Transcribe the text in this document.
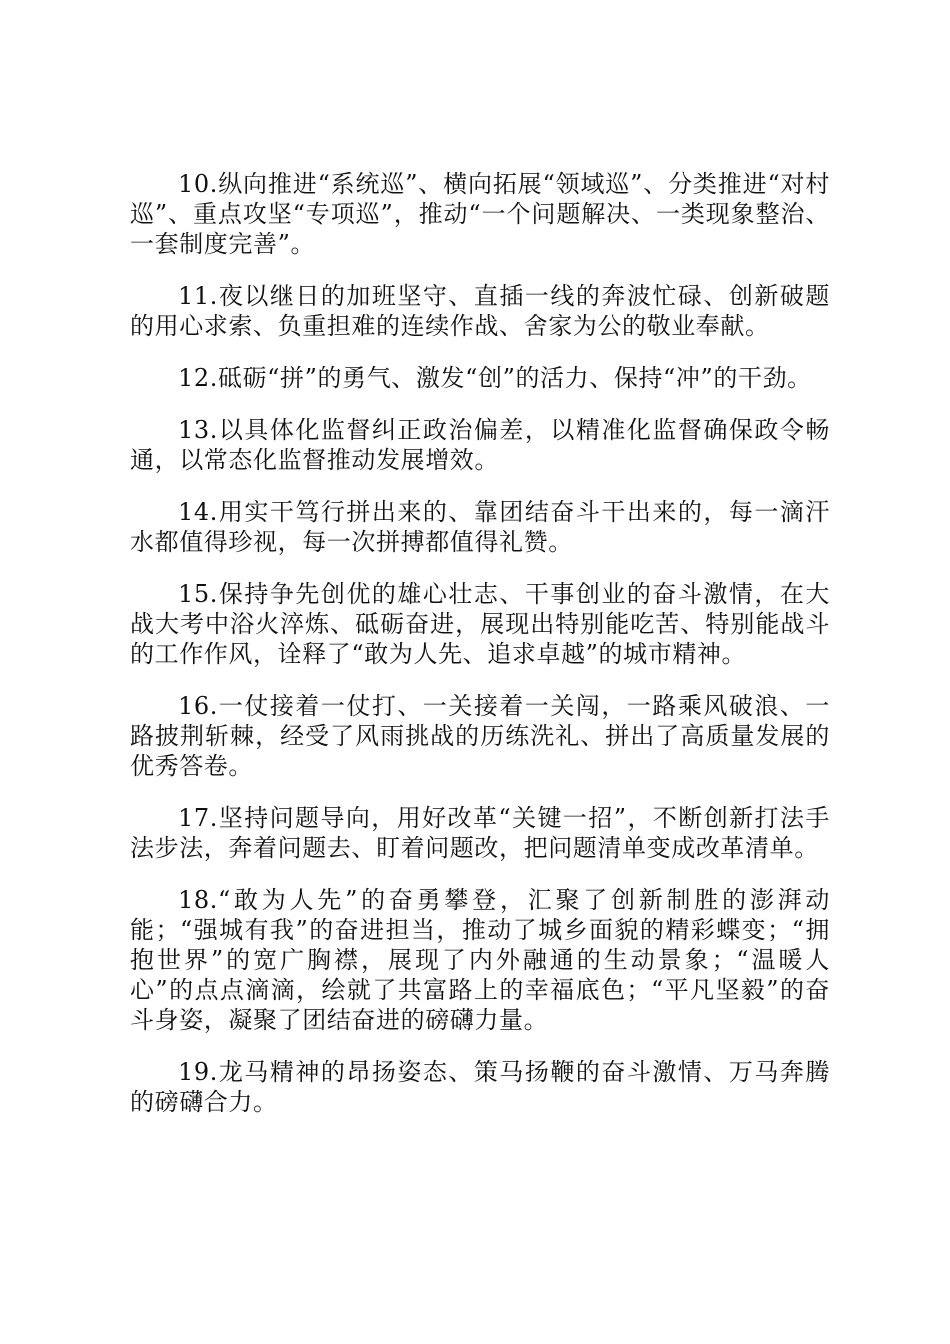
10.纵向推进“系统巡”、横向拓展“领域巡”、分类推进“对村巡”、重点攻坚“专项巡”，推动“一个问题解决、一类现象整治、一套制度完善”。

11.夜以继日的加班坚守、直插一线的奔波忙碌、创新破题的用心求索、负重担难的连续作战、舍家为公的敬业奉献。

12.砥砺“拼”的勇气、激发“创”的活力、保持“冲”的干劲。

13.以具体化监督纠正政治偏差，以精准化监督确保政令畅通，以常态化监督推动发展增效。

14.用实干笃行拼出来的、靠团结奋斗干出来的，每一滴汗水都值得珍视，每一次拼搏都值得礼赞。

15.保持争先创优的雄心壮志、干事创业的奋斗激情，在大战大考中浴火淬炼、砥砺奋进，展现出特别能吃苦、特别能战斗的工作作风，诠释了“敢为人先、追求卓越”的城市精神。

16.一仗接着一仗打、一关接着一关闯，一路乘风破浪、一路披荆斩棘，经受了风雨挑战的历练洗礼、拼出了高质量发展的优秀答卷。

17.坚持问题导向，用好改革“关键一招”，不断创新打法手法步法，奔着问题去、盯着问题改，把问题清单变成改革清单。

18.“敢为人先”的奋勇攀登，汇聚了创新制胜的澎湃动能；“强城有我”的奋进担当，推动了城乡面貌的精彩蝶变；“拥抱世界”的宽广胸襟，展现了内外融通的生动景象；“温暖人心”的点点滴滴，绘就了共富路上的幸福底色；“平凡坚毅”的奋斗身姿，凝聚了团结奋进的磅礴力量。

19.龙马精神的昂扬姿态、策马扬鞭的奋斗激情、万马奔腾的磅礴合力。
